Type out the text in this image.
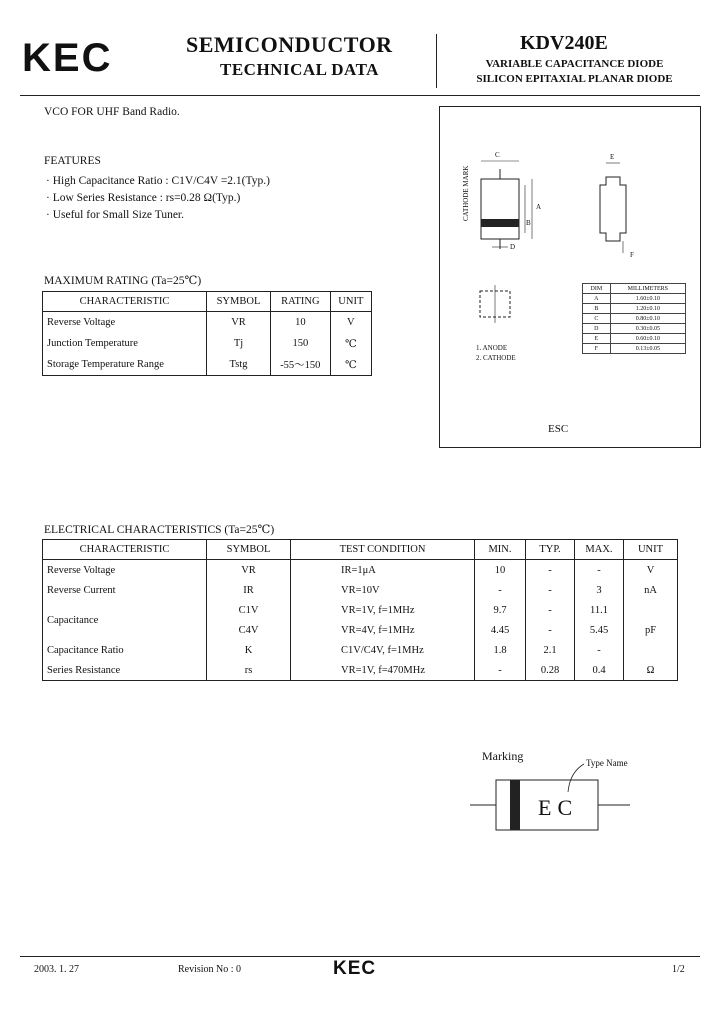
KEC	SEMICONDUCTOR
TECHNICAL DATA
KDV240E
VARIABLE CAPACITANCE DIODE
SILICON EPITAXIAL PLANAR DIODE
VCO FOR UHF Band Radio.
FEATURES
· High Capacitance Ratio : C1V/C4V =2.1(Typ.)
· Low Series Resistance : rs=0.28 Ω(Typ.)
· Useful for Small Size Tuner.
MAXIMUM RATING (Ta=25℃)
CHARACTERISTIC	SYMBOL	RATING	UNIT
Reverse Voltage	VR	10	V
Junction Temperature	Tj	150	℃
Storage Temperature Range	Tstg	-55～150	℃
CATHODE MARK
C
A
B
D
E
F
1. ANODE
2. CATHODE
DIM	MILLIMETERS
A	1.60±0.10
B	1.20±0.10
C	0.80±0.10
D	0.30±0.05
E	0.60±0.10
F	0.13±0.05
ESC
ELECTRICAL CHARACTERISTICS (Ta=25℃)
CHARACTERISTIC	SYMBOL	TEST CONDITION	MIN.	TYP.	MAX.	UNIT
Reverse Voltage	VR	IR=1μA	10	-	-	V
Reverse Current	IR	VR=10V	-	-	3	nA
Capacitance	C1V	VR=1V, f=1MHz	9.7	-	11.1	pF
	C4V	VR=4V, f=1MHz	4.45	-	5.45	
Capacitance Ratio	K	C1V/C4V, f=1MHz	1.8	2.1	-	
Series Resistance	rs	VR=1V, f=470MHz	-	0.28	0.4	Ω
Marking	Type Name
EC
2003. 1. 27	Revision No : 0	KEC	1/2
